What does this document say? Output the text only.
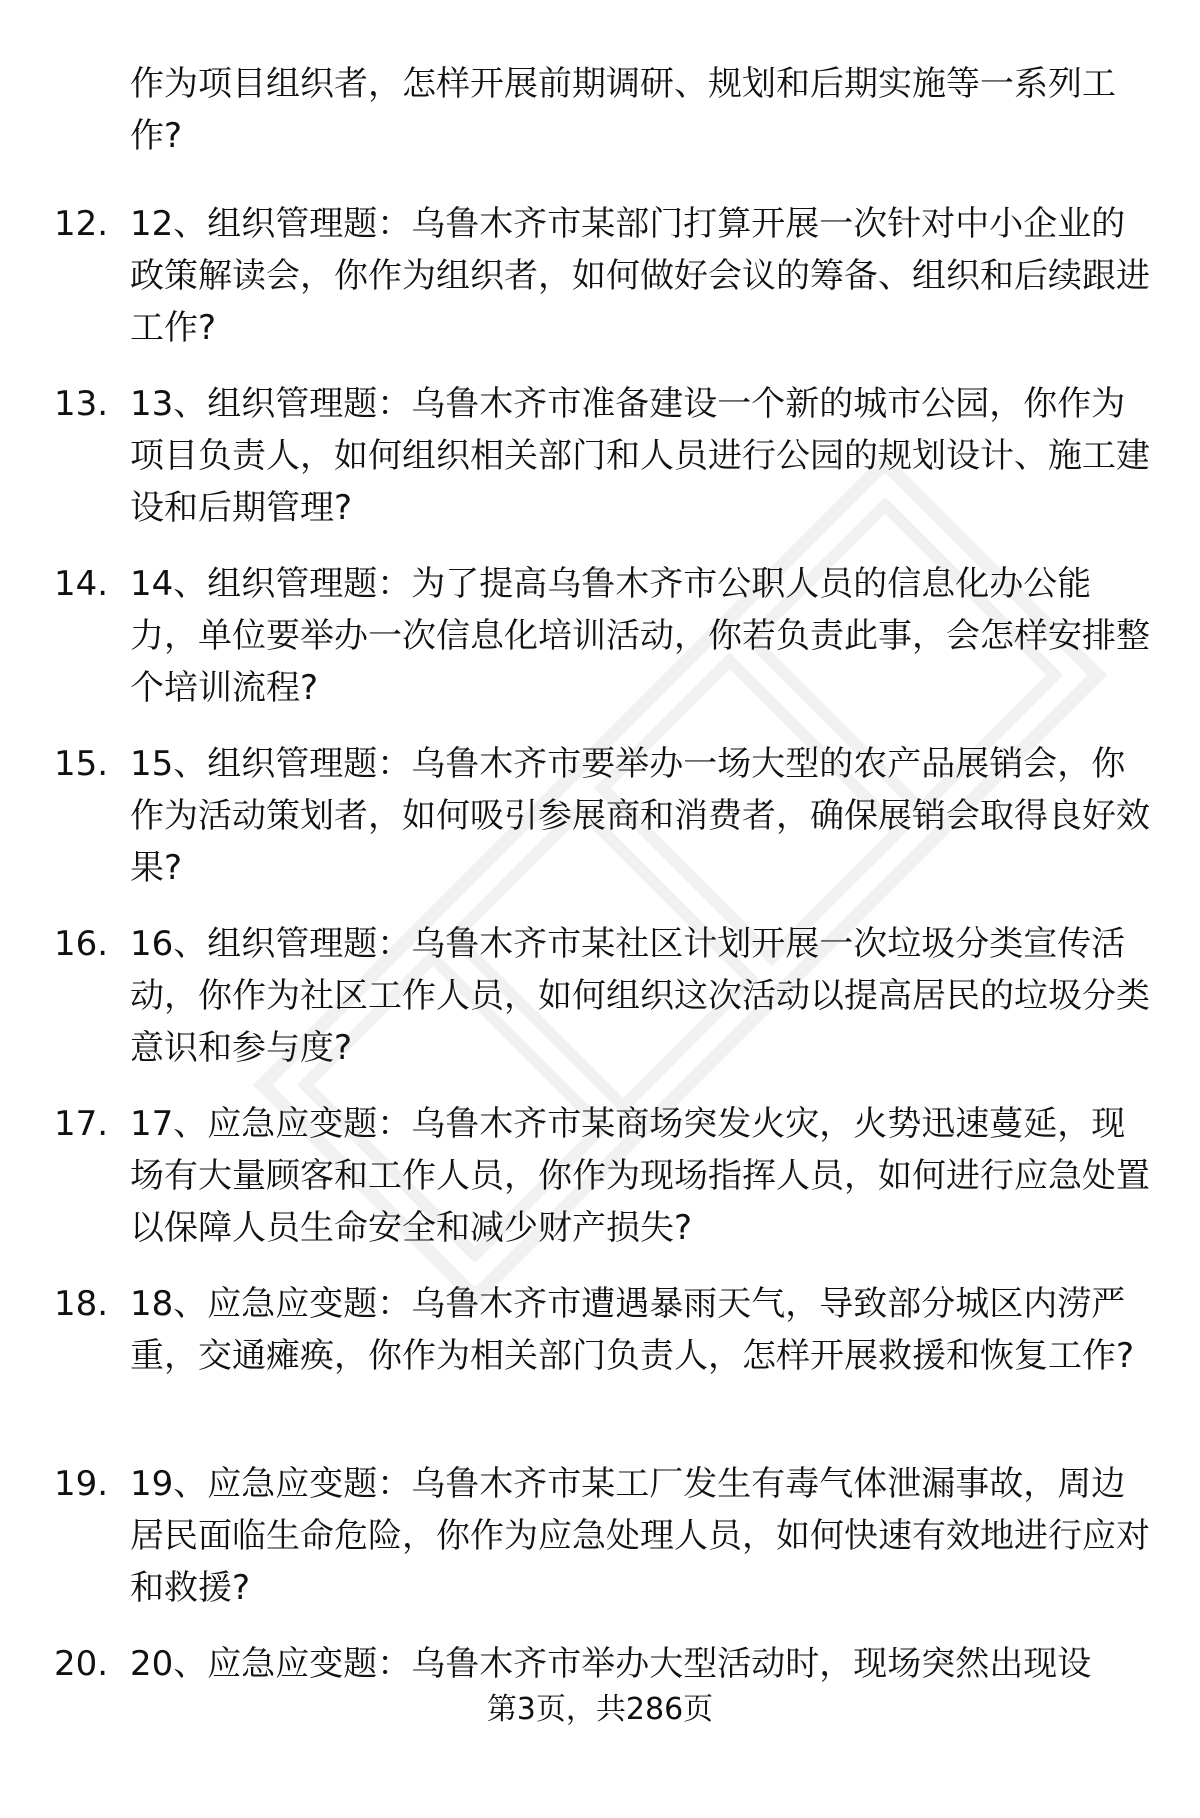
作为项目组织者，怎样开展前期调研、规划和后期实施等一系列工作?
12. 12、组织管理题：乌鲁木齐市某部门打算开展一次针对中小企业的政策解读会，你作为组织者，如何做好会议的筹备、组织和后续跟进工作?
13. 13、组织管理题：乌鲁木齐市准备建设一个新的城市公园，你作为项目负责人，如何组织相关部门和人员进行公园的规划设计、施工建设和后期管理?
14. 14、组织管理题：为了提高乌鲁木齐市公职人员的信息化办公能力，单位要举办一次信息化培训活动，你若负责此事，会怎样安排整个培训流程?
15. 15、组织管理题：乌鲁木齐市要举办一场大型的农产品展销会，你作为活动策划者，如何吸引参展商和消费者，确保展销会取得良好效果?
16. 16、组织管理题：乌鲁木齐市某社区计划开展一次垃圾分类宣传活动，你作为社区工作人员，如何组织这次活动以提高居民的垃圾分类意识和参与度?
17. 17、应急应变题：乌鲁木齐市某商场突发火灾，火势迅速蔓延，现场有大量顾客和工作人员，你作为现场指挥人员，如何进行应急处置以保障人员生命安全和减少财产损失?
18. 18、应急应变题：乌鲁木齐市遭遇暴雨天气，导致部分城区内涝严重，交通瘫痪，你作为相关部门负责人，怎样开展救援和恢复工作?
19. 19、应急应变题：乌鲁木齐市某工厂发生有毒气体泄漏事故，周边居民面临生命危险，你作为应急处理人员，如何快速有效地进行应对和救援?
20. 20、应急应变题：乌鲁木齐市举办大型活动时，现场突然出现设
第3页，共286页
